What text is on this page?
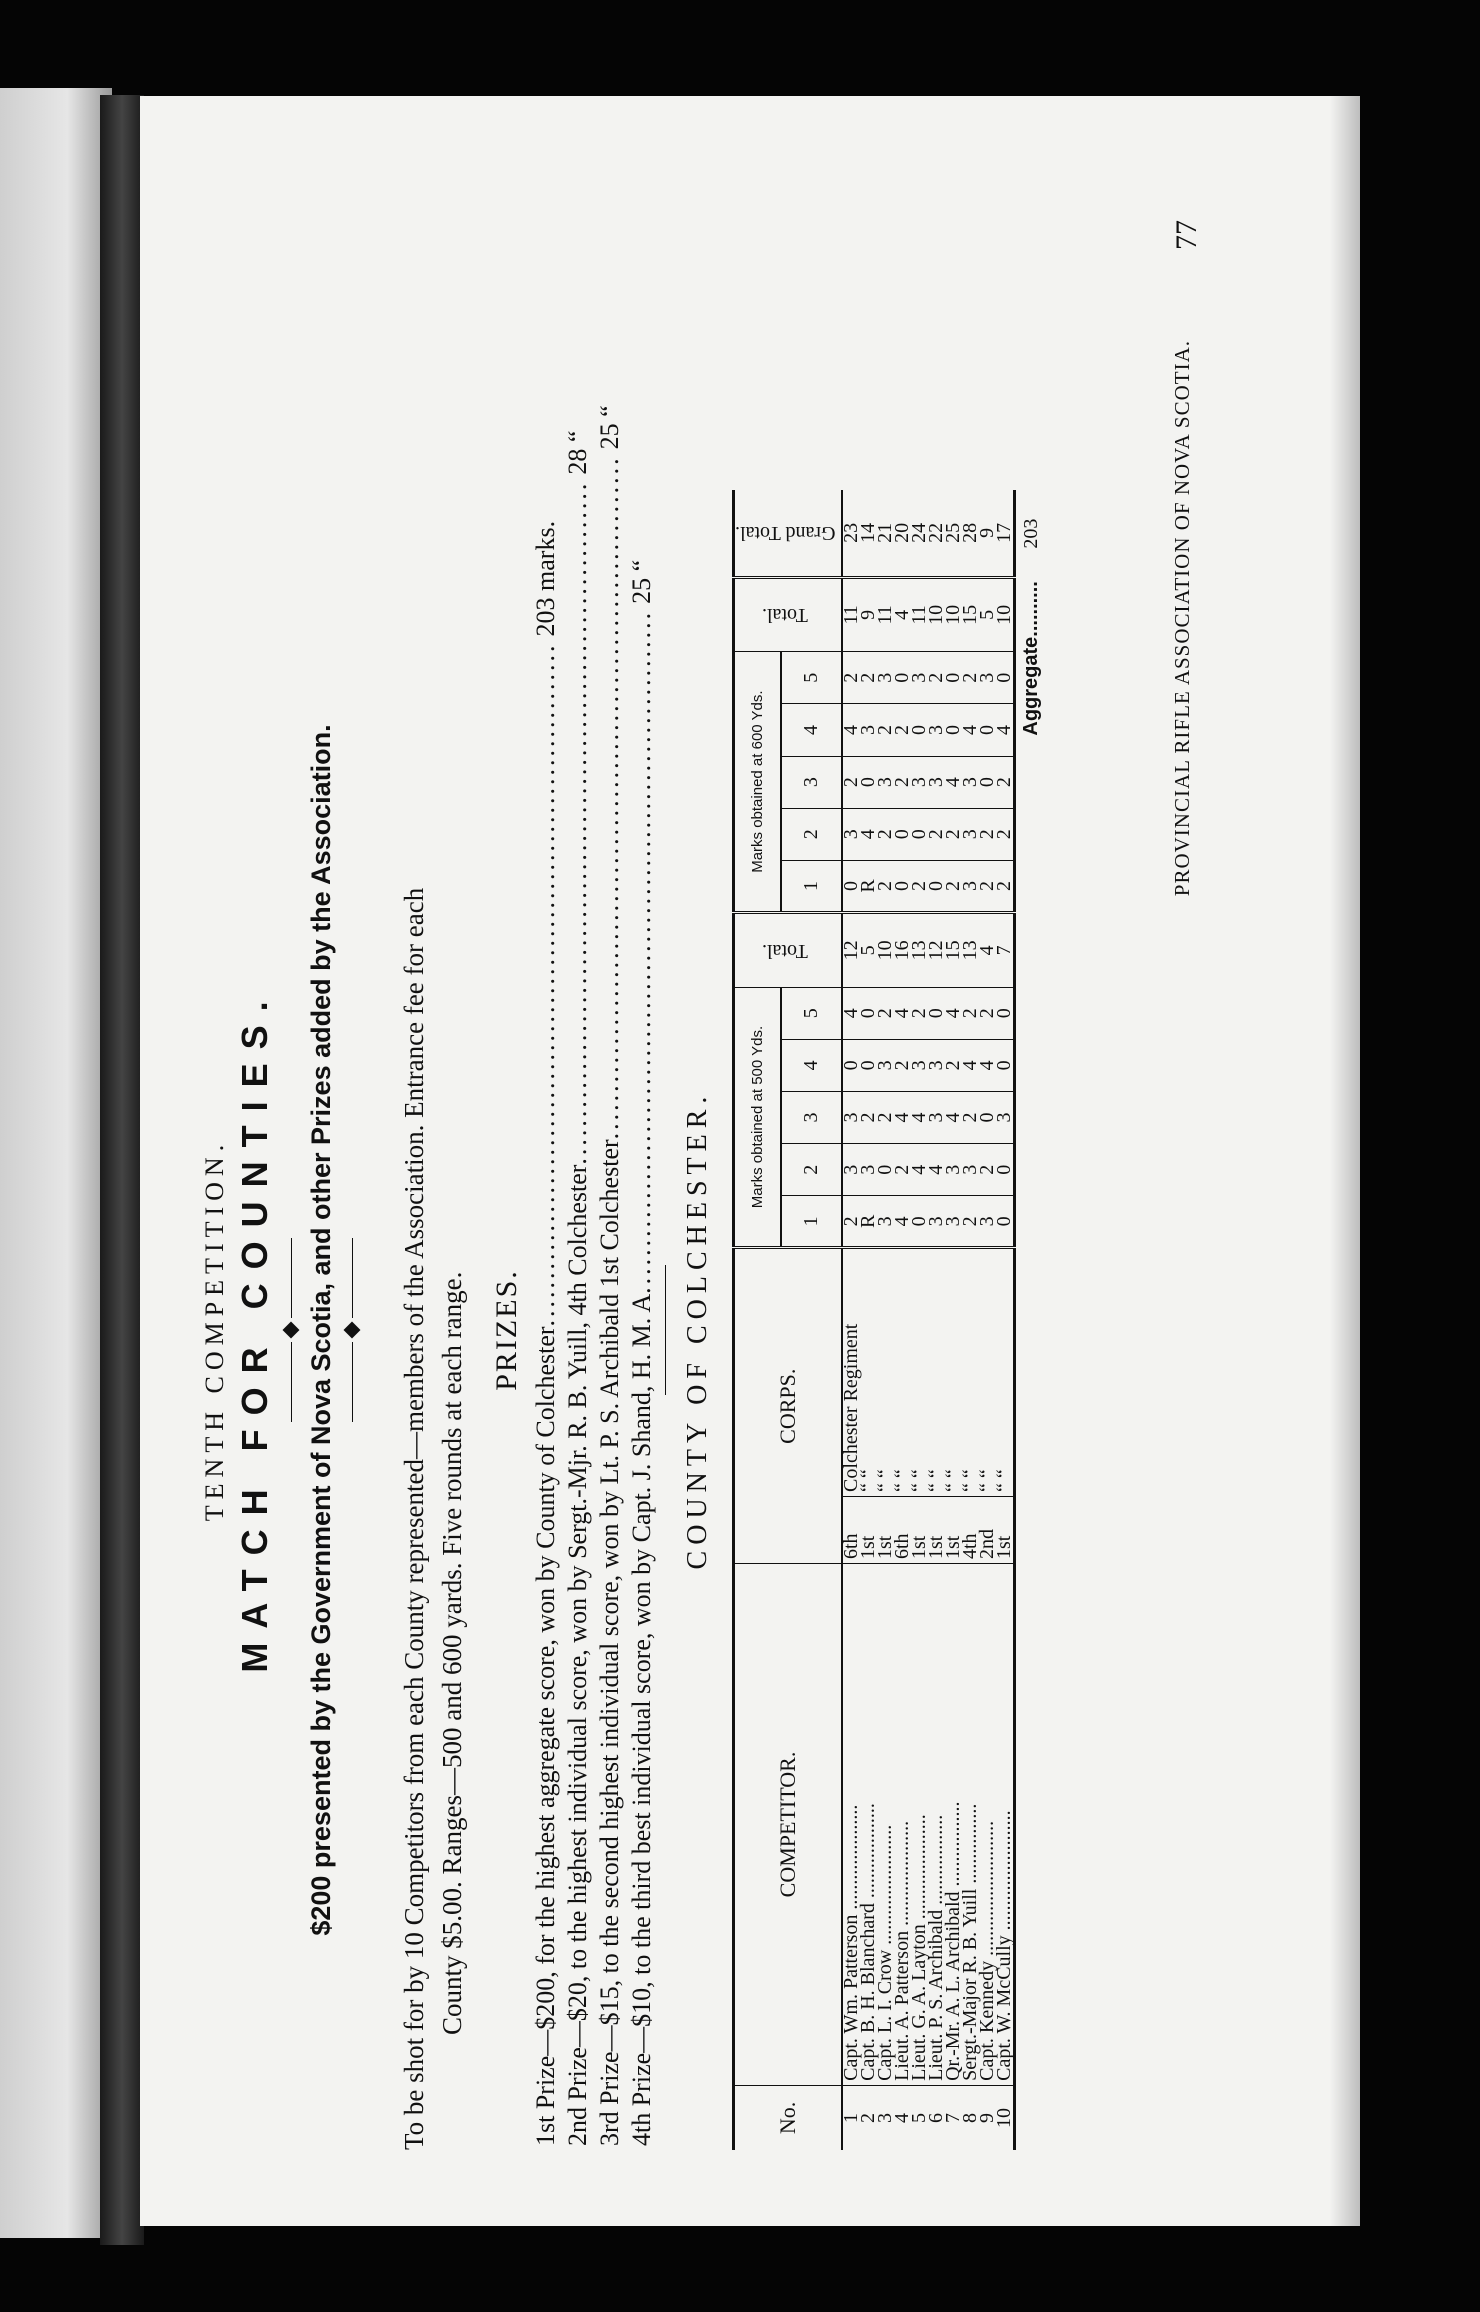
PROVINCIAL RIFLE ASSOCIATION OF NOVA SCOTIA.
77
TENTH COMPETITION. MATCH FOR COUNTIES. $200 presented by the Government of Nova Scotia, and other Prizes added by the Association. To be shot for by 10 Competitors from each County represented—members of the Association. Entrance fee for each County $5.00. Ranges—500 and 600 yards. Five rounds at each range. PRIZES. 1st Prize—$200, for the highest aggregate score, won by County of Colchester
........................................................................
203 marks.
2nd Prize—$20, to the highest individual score, won by Sergt.-Mjr. R. B. Yuill, 4th Colchester
........................................................................
28 “
3rd Prize—$15, to the second highest individual score, won by Lt. P. S. Archibald 1st Colchester
........................................................................
25 “
4th Prize—$10, to the third best individual score, won by Capt. J. Shand, H. M. A
........................................................................
25 “
COUNTY OF COLCHESTER.
No.	COMPETITOR.	CORPS.		Marks obtained at 500 Yds.					Total.	Marks obtained at 600 Yds.					Total.	Grand Total.
				1	2	3	4	5		1	2	3	4	5		
1	Capt. Wm. Patterson .....................	6th	Colchester Regiment	2	3	3	0	4	12	0	3	2	4	2	11	23
2	Capt. B. H. Blanchard ...................	1st	“ “	R	3	2	0	0	5	R	4	0	3	2	9	14
3	Capt. L. I. Crow ........................	1st	“ “	3	0	2	3	2	10	2	2	3	2	3	11	21
4	Lieut. A. Patterson .....................	6th	“ “	4	2	4	2	4	16	0	0	2	2	0	4	20
5	Lieut. G. A. Layton .....................	1st	“ “	0	4	4	3	2	13	2	0	3	0	3	11	24
6	Lieut. P. S. Archibald ..................	1st	“ “	3	4	3	3	0	12	0	2	3	3	2	10	22
7	Qr.-Mr. A. L. Archibald .................	1st	“ “	3	3	4	2	4	15	2	2	4	0	0	10	25
8	Sergt.-Major R. B. Yuill ................	4th	“ “	2	3	2	4	2	13	3	3	3	4	2	15	28
9	Capt. Kennedy ...........................	2nd	“ “	3	2	0	4	2	4	2	2	0	0	3	5	9
10	Capt. W. McCully ........................	1st	“ “	0	0	3	0	0	7	2	2	2	4	0	10	17
										Aggregate..........						203
